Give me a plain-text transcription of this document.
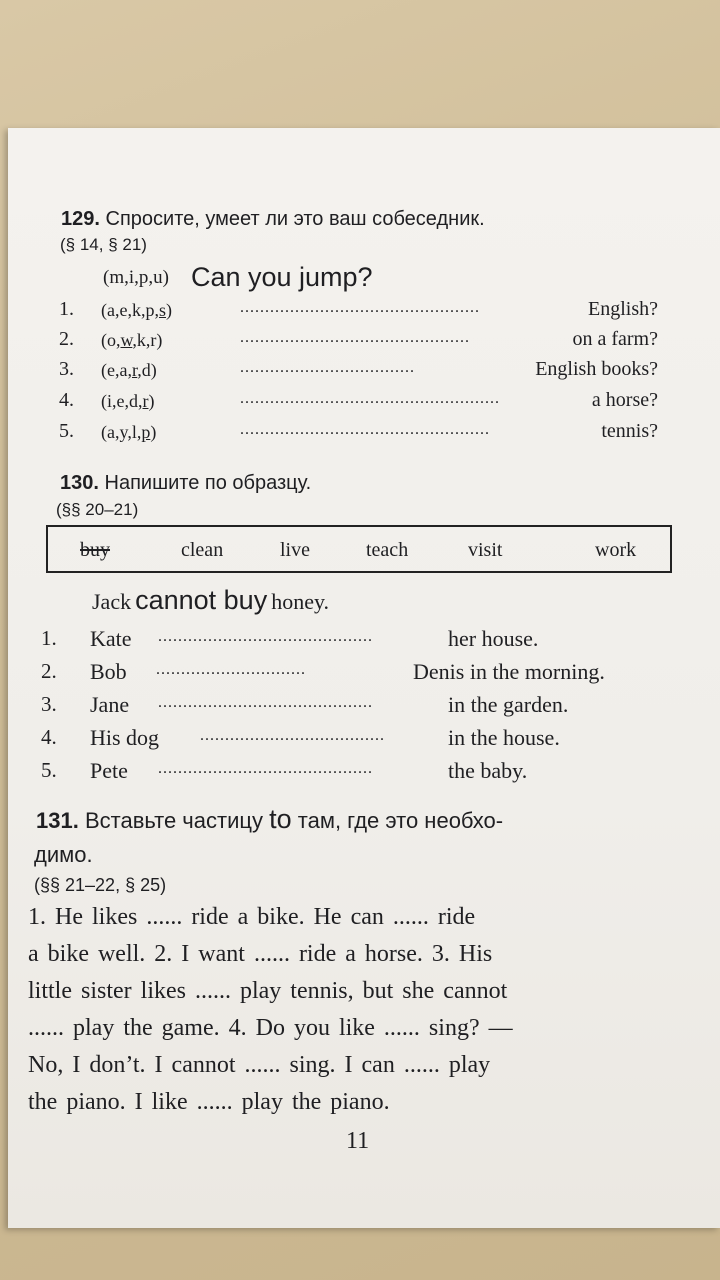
129. Спросите, умеет ли это ваш собеседник.
(§ 14, § 21)
(m,i,p,u) Can you jump?
1. (a,e,k,p,s)	................................................	English?
2. (o,w,k,r)	..............................................	on a farm?
3. (e,a,r,d)	...................................	English books?
4. (i,e,d,r)	....................................................	a horse?
5. (a,y,l,p)	..................................................	tennis?
130. Напишите по образцу.
(§§ 20–21)
buy	clean	live	teach	visit	work
Jack cannot buy honey.
1. Kate ...........................................	her house.
2. Bob ..............................	Denis in the morning.
3. Jane ...........................................	in the garden.
4. His dog	.....................................	in the house.
5. Pete ...........................................	the baby.
131. Вставьте частицу to там, где это необхо-
димо.
(§§ 21–22, § 25)
1. He likes ...... ride a bike. He can ...... ride
a bike well. 2. I want ...... ride a horse. 3. His
little sister likes ...... play tennis, but she cannot
...... play the game. 4. Do you like ...... sing? —
No, I don’t. I cannot ...... sing. I can ...... play
the piano. I like ...... play the piano.
11
